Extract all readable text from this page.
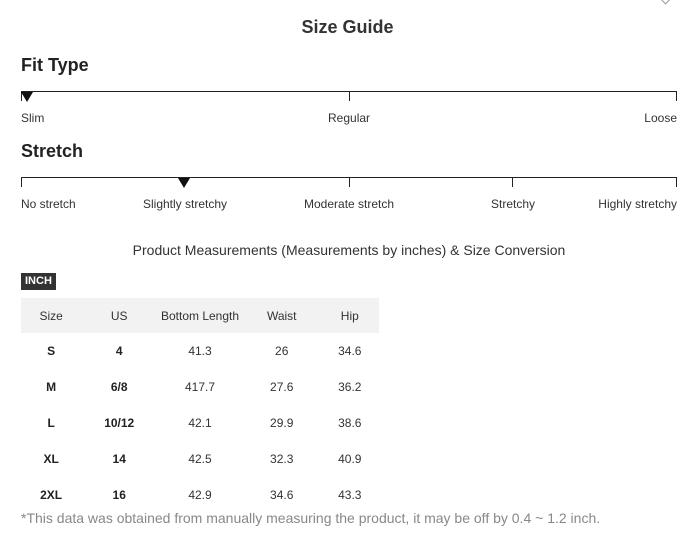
Size Guide
Fit Type
Slim	Regular	Loose
Stretch
No stretch	Slightly stretchy	Moderate stretch	Stretchy	Highly stretchy
Product Measurements (Measurements by inches) & Size Conversion
INCH
Size	US	Bottom Length	Waist	Hip
S	4	41.3	26	34.6
M	6/8	417.7	27.6	36.2
L	10/12	42.1	29.9	38.6
XL	14	42.5	32.3	40.9
2XL	16	42.9	34.6	43.3
*This data was obtained from manually measuring the product, it may be off by 0.4 ~ 1.2 inch.
